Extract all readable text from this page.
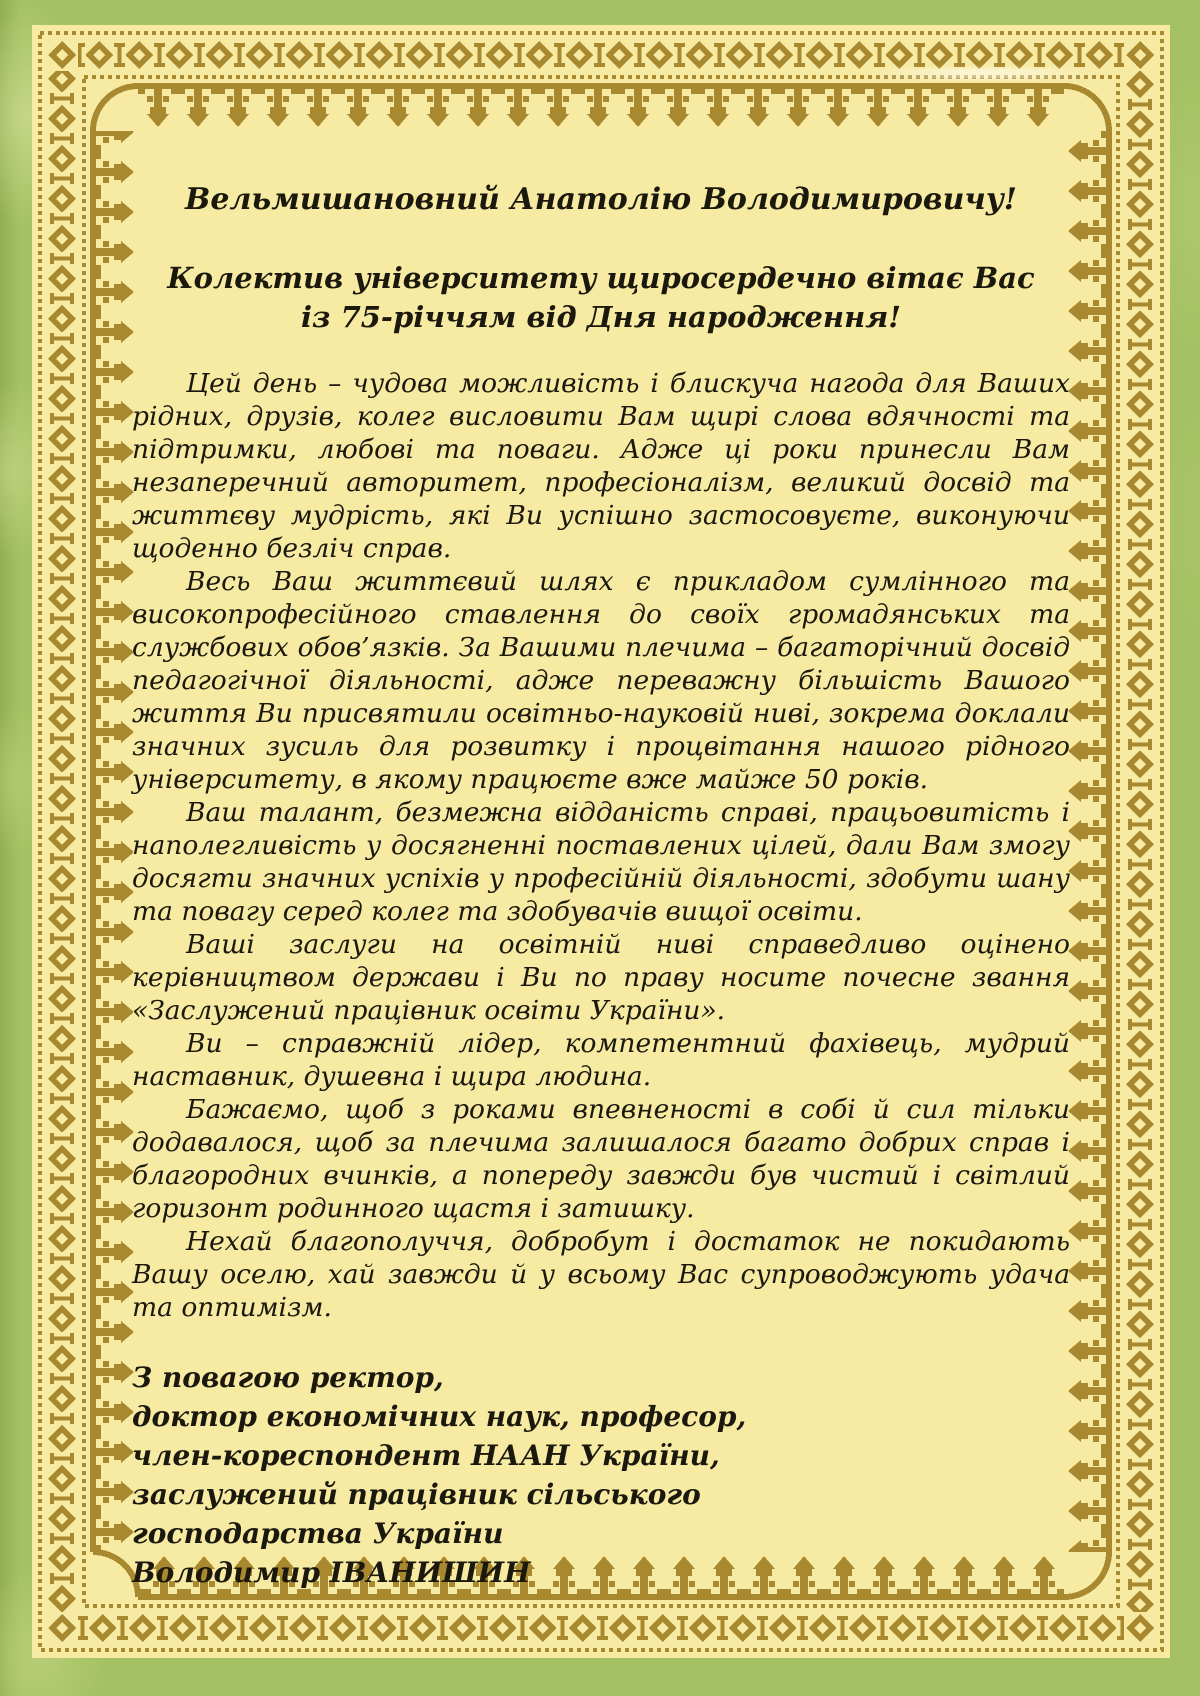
Вельмишановний Анатолію Володимировичу!

Колектив університету щиросердечно вітає Вас

із 75-річчям від Дня народження!

Цей день – чудова можливість і блискуча нагода для Ваших рідних, друзів, колег висловити Вам щирі слова вдячності та підтримки, любові та поваги. Адже ці роки принесли Вам незаперечний авторитет, професіоналізм, великий досвід та життєву мудрість, які Ви успішно застосовуєте, виконуючи щоденно безліч справ.

Весь Ваш життєвий шлях є прикладом сумлінного та високопрофесійного ставлення до своїх громадянських та службових обов’язків. За Вашими плечима – багаторічний досвід педагогічної діяльності, адже переважну більшість Вашого життя Ви присвятили освітньо-науковій ниві, зокрема доклали значних зусиль для розвитку і процвітання нашого рідного університету, в якому працюєте вже майже 50 років.

Ваш талант, безмежна відданість справі, працьовитість і наполегливість у досягненні поставлених цілей, дали Вам змогу досягти значних успіхів у професійній діяльності, здобути шану та повагу серед колег та здобувачів вищої освіти.

Ваші заслуги на освітній ниві справедливо оцінено керівництвом держави і Ви по праву носите почесне звання «Заслужений працівник освіти України».

Ви – справжній лідер, компетентний фахівець, мудрий наставник, душевна і щира людина.

Бажаємо, щоб з роками впевненості в собі й сил тільки додавалося, щоб за плечима залишалося багато добрих справ і благородних вчинків, а попереду завжди був чистий і світлий горизонт родинного щастя і затишку.

Нехай благополуччя, добробут і достаток не покидають Вашу оселю, хай завжди й у всьому Вас супроводжують удача та оптимізм.

З повагою ректор,
доктор економічних наук, професор,
член-кореспондент НААН України,
заслужений працівник сільського
господарства України
Володимир ІВАНИШИН
